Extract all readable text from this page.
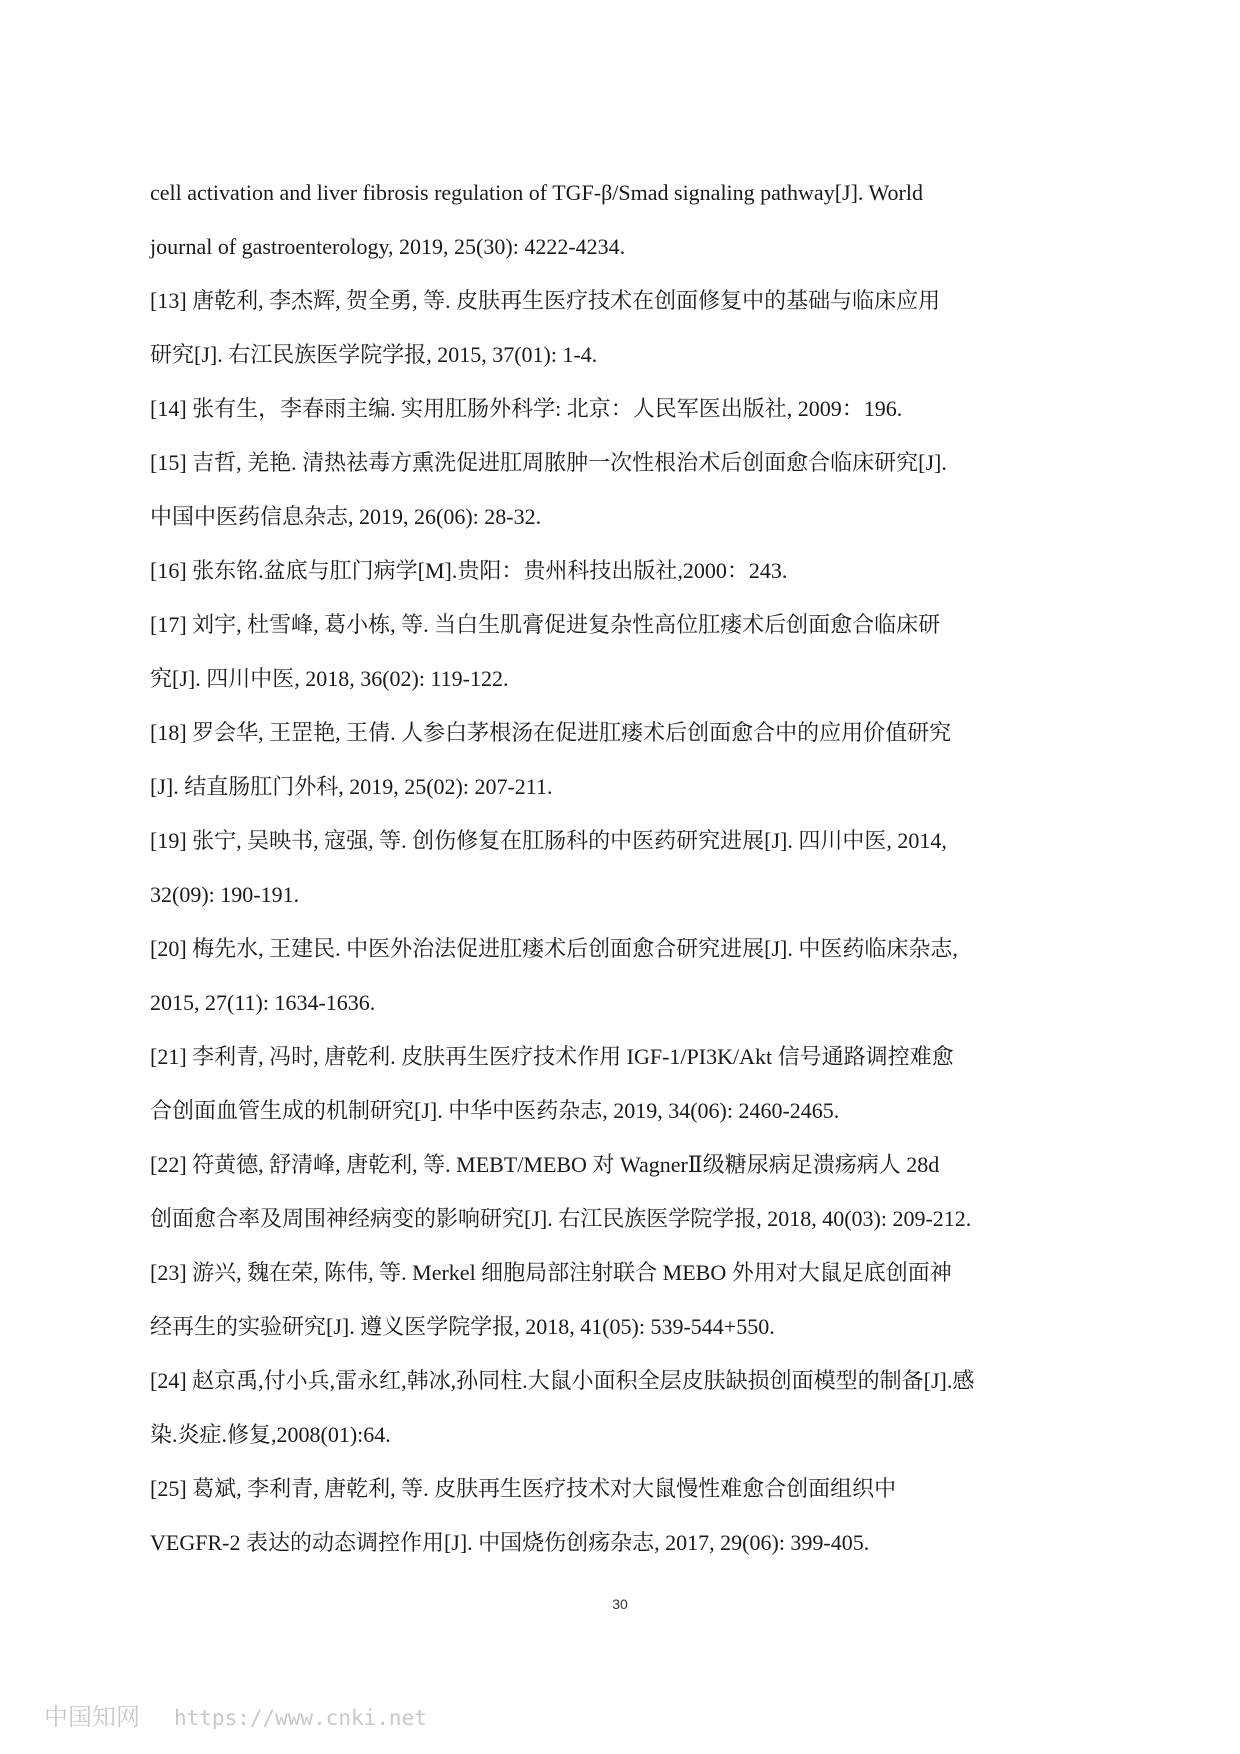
cell activation and liver fibrosis regulation of TGF-β/Smad signaling pathway[J]. World
journal of gastroenterology, 2019, 25(30): 4222-4234.
[13] 唐乾利, 李杰辉, 贺全勇, 等. 皮肤再生医疗技术在创面修复中的基础与临床应用
研究[J]. 右江民族医学院学报, 2015, 37(01): 1-4.
[14] 张有生，李春雨主编. 实用肛肠外科学: 北京：人民军医出版社, 2009：196.
[15] 吉哲, 羌艳. 清热祛毒方熏洗促进肛周脓肿一次性根治术后创面愈合临床研究[J].
中国中医药信息杂志, 2019, 26(06): 28-32.
[16] 张东铭.盆底与肛门病学[M].贵阳：贵州科技出版社,2000：243.
[17] 刘宇, 杜雪峰, 葛小栋, 等. 当白生肌膏促进复杂性高位肛瘘术后创面愈合临床研
究[J]. 四川中医, 2018, 36(02): 119-122.
[18] 罗会华, 王罡艳, 王倩. 人参白茅根汤在促进肛瘘术后创面愈合中的应用价值研究
[J]. 结直肠肛门外科, 2019, 25(02): 207-211.
[19] 张宁, 吴映书, 寇强, 等. 创伤修复在肛肠科的中医药研究进展[J]. 四川中医, 2014,
32(09): 190-191.
[20] 梅先水, 王建民. 中医外治法促进肛瘘术后创面愈合研究进展[J]. 中医药临床杂志,
2015, 27(11): 1634-1636.
[21] 李利青, 冯时, 唐乾利. 皮肤再生医疗技术作用 IGF-1/PI3K/Akt 信号通路调控难愈
合创面血管生成的机制研究[J]. 中华中医药杂志, 2019, 34(06): 2460-2465.
[22] 符黄德, 舒清峰, 唐乾利, 等. MEBT/MEBO 对 WagnerⅡ级糖尿病足溃疡病人 28d
创面愈合率及周围神经病变的影响研究[J]. 右江民族医学院学报, 2018, 40(03): 209-212.
[23] 游兴, 魏在荣, 陈伟, 等. Merkel 细胞局部注射联合 MEBO 外用对大鼠足底创面神
经再生的实验研究[J]. 遵义医学院学报, 2018, 41(05): 539-544+550.
[24] 赵京禹,付小兵,雷永红,韩冰,孙同柱.大鼠小面积全层皮肤缺损创面模型的制备[J].感
染.炎症.修复,2008(01):64.
[25] 葛斌, 李利青, 唐乾利, 等. 皮肤再生医疗技术对大鼠慢性难愈合创面组织中
VEGFR-2 表达的动态调控作用[J]. 中国烧伤创疡杂志, 2017, 29(06): 399-405.
30
中国知网 https://www.cnki.net
